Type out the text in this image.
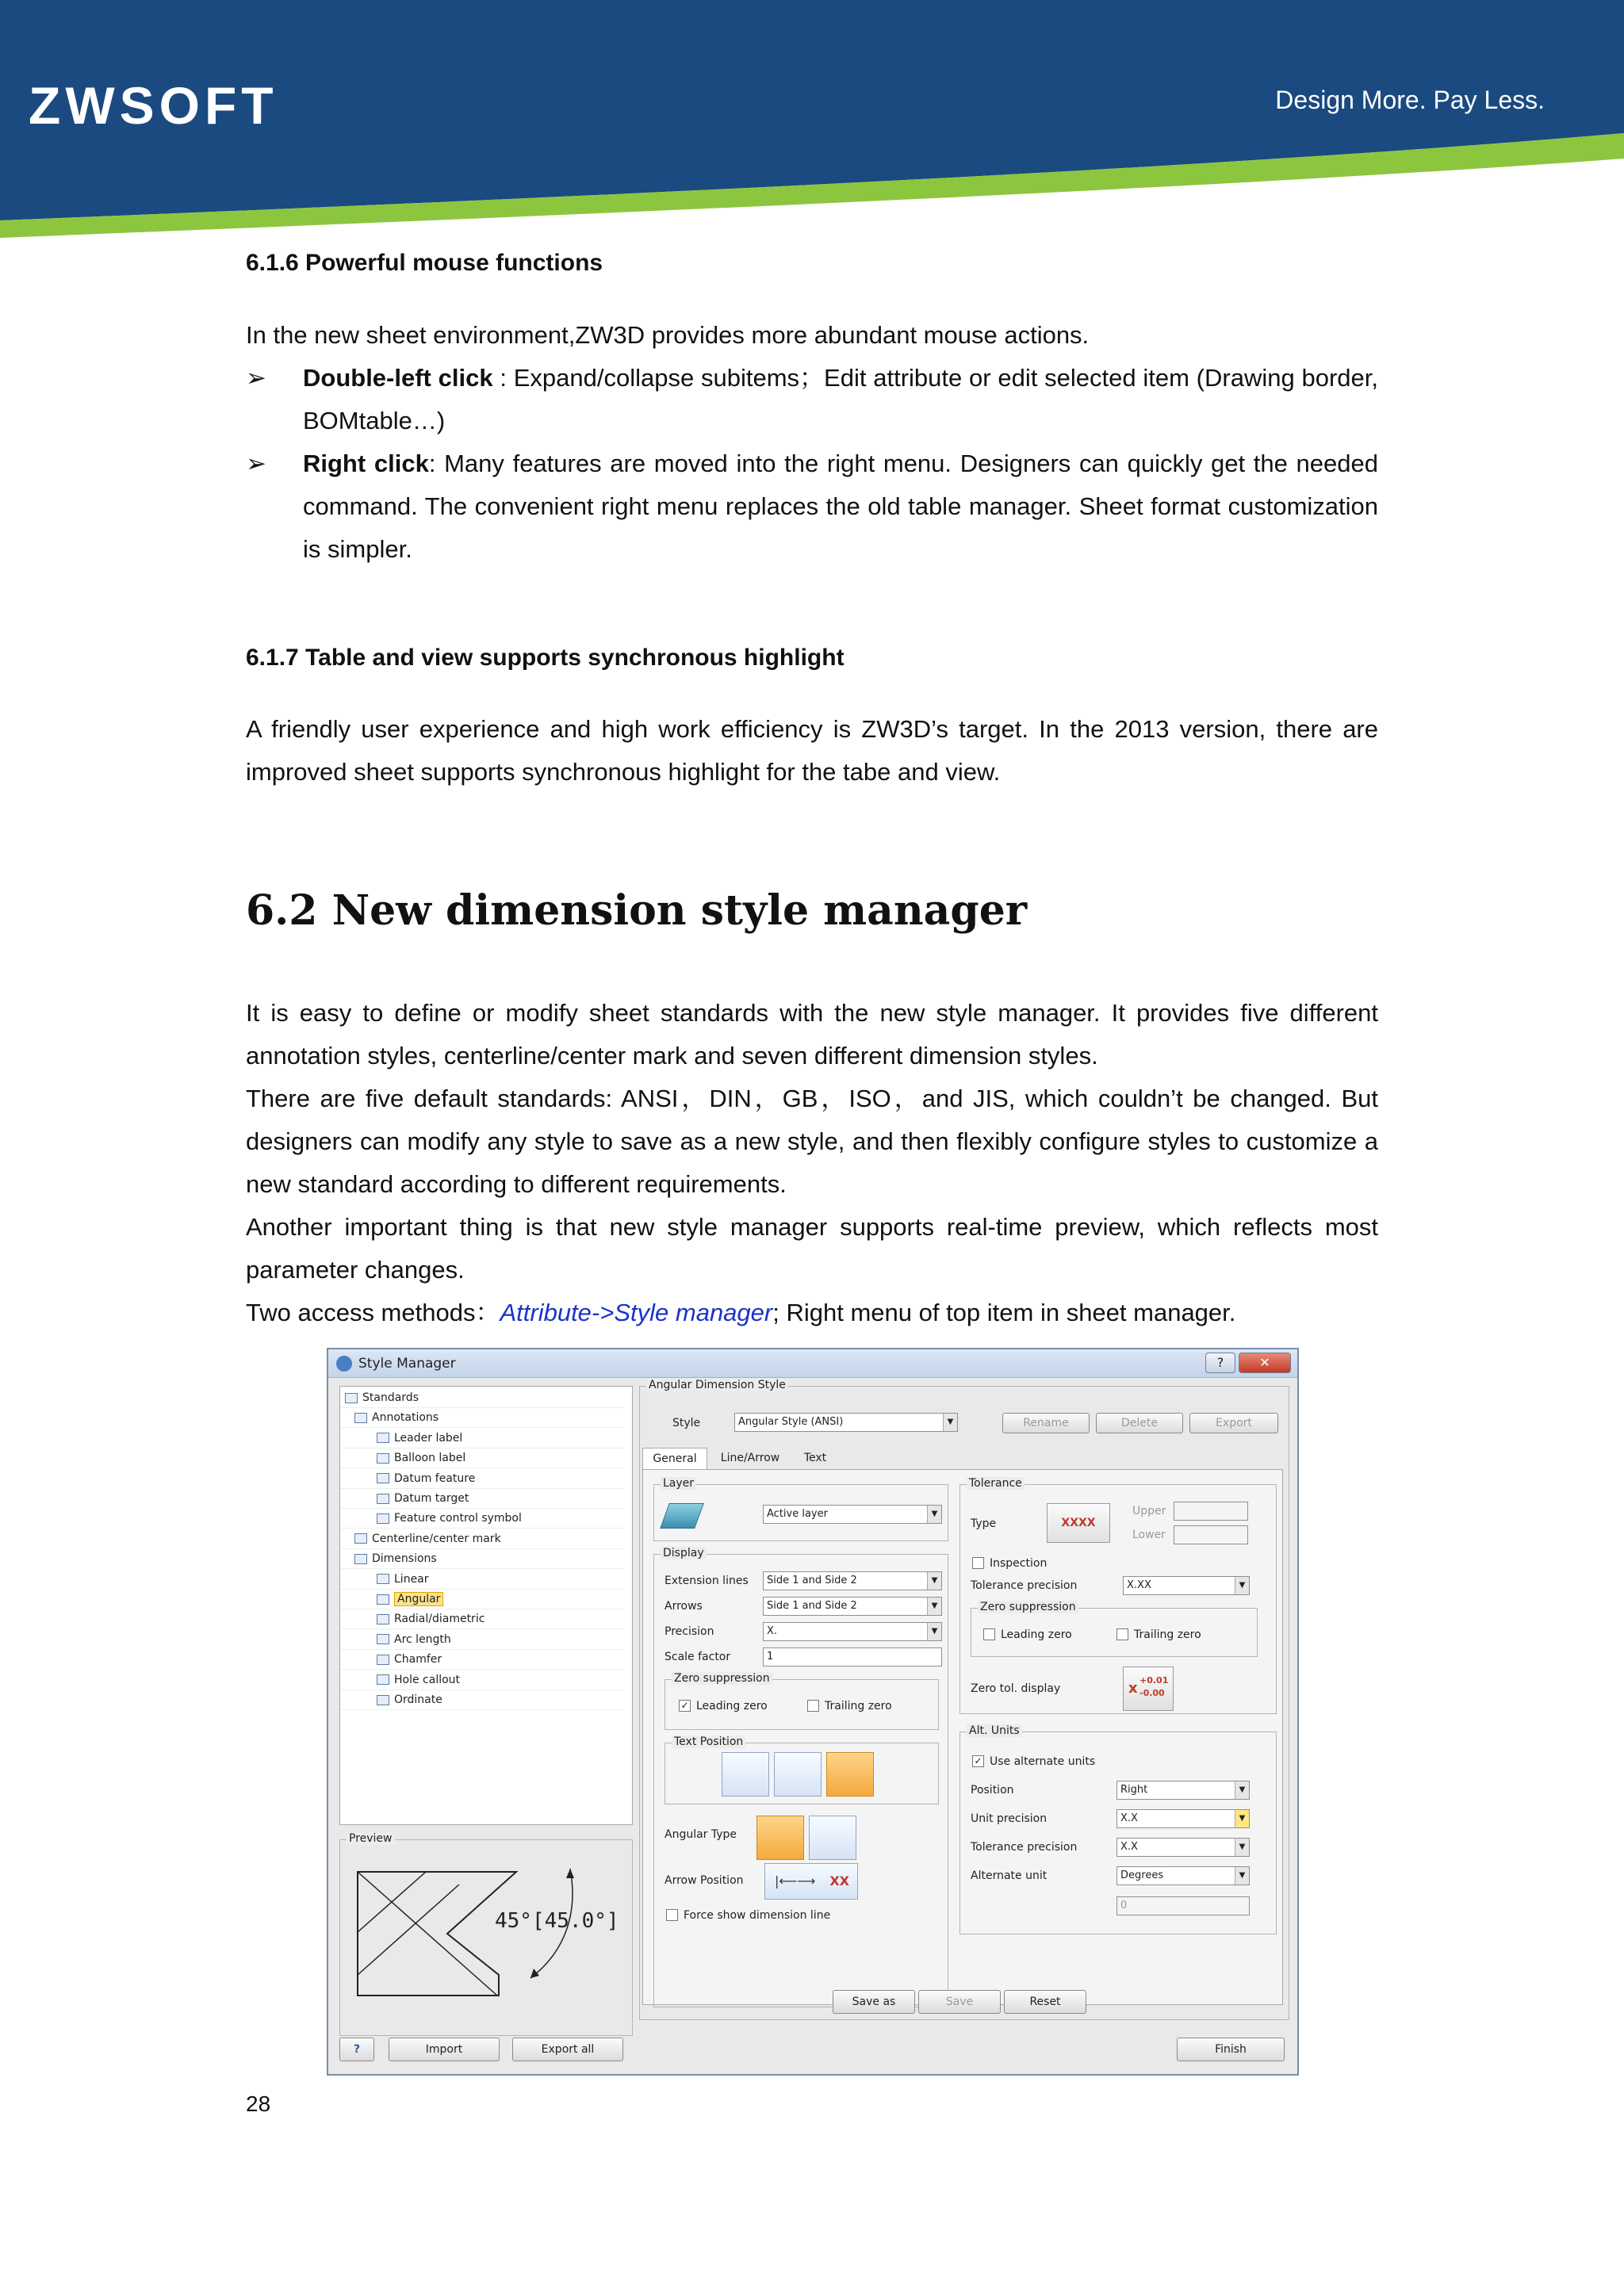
ZWSOFT	Design More. Pay Less.
6.1.6 Powerful mouse functions
In the new sheet environment,ZW3D provides more abundant mouse actions.
➢	Double-left click : Expand/collapse subitems；Edit attribute or edit selected item (Drawing border, BOMtable…)
➢	Right click: Many features are moved into the right menu. Designers can quickly get the needed command. The convenient right menu replaces the old table manager. Sheet format customization is simpler.
6.1.7 Table and view supports synchronous highlight
A friendly user experience and high work efficiency is ZW3D’s target. In the 2013 version, there are improved sheet supports synchronous highlight for the tabe and view.
6.2 New dimension style manager
It is easy to define or modify sheet standards with the new style manager. It provides five different annotation styles, centerline/center mark and seven different dimension styles.
There are five default standards: ANSI，DIN，GB，ISO，and JIS, which couldn’t be changed. But designers can modify any style to save as a new style, and then flexibly configure styles to customize a new standard according to different requirements.
Another important thing is that new style manager supports real-time preview, which reflects most parameter changes.
Two access methods：Attribute->Style manager; Right menu of top item in sheet manager.
Style Manager	?	✕
Standards
Annotations
Leader label
Balloon label
Datum feature
Datum target
Feature control symbol
Centerline/center mark
Dimensions
Linear
Angular
Radial/diametric
Arc length
Chamfer
Hole callout
Ordinate
Preview
45°[45.0°]
Angular Dimension Style
Style	Angular Style (ANSI)	▼	Rename	Delete	Export
General	Line/Arrow	Text
Layer
Active layer	▼
Display
Extension lines	Side 1 and Side 2	▼
Arrows	Side 1 and Side 2	▼
Precision	X.	▼
Scale factor	1
Zero suppression
✓ Leading zero	Trailing zero
Text Position
Angular Type
Arrow Position |⟵⟶ XX
Force show dimension line
Tolerance
Type	XXXX
Upper
Lower
Inspection
Tolerance precision	X.XX	▼
Zero suppression
Leading zero	Trailing zero
Zero tol. display	x +0.01
-0.00
Alt. Units
✓ Use alternate units
Position	Right	▼
Unit precision	X.X	▼
Tolerance precision	X.X	▼
Alternate unit	Degrees	▼
0
Save as	Save	Reset
?	Import	Export all	Finish
28
